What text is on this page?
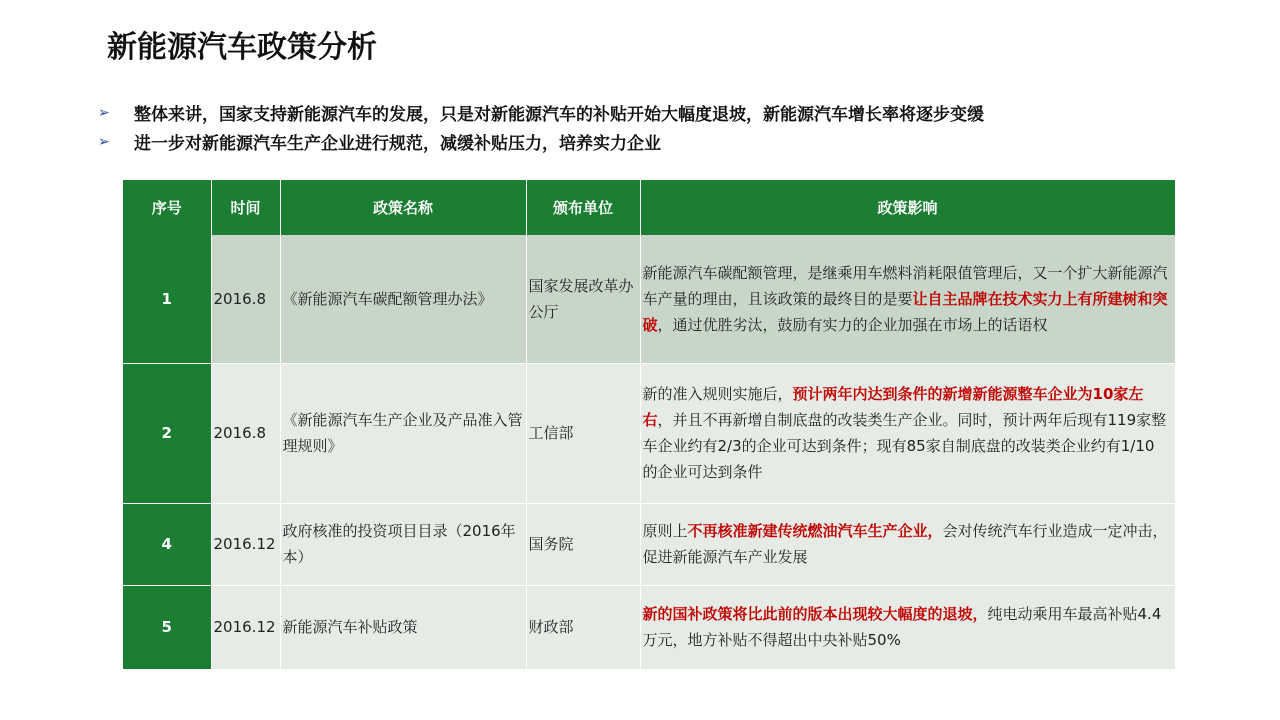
新能源汽车政策分析
➢ 整体来讲，国家支持新能源汽车的发展，只是对新能源汽车的补贴开始大幅度退坡，新能源汽车增长率将逐步变缓
➢ 进一步对新能源汽车生产企业进行规范，减缓补贴压力，培养实力企业
序号	时间	政策名称	颁布单位	政策影响
1	2016.8	《新能源汽车碳配额管理办法》	国家发展改革办公厅	新能源汽车碳配额管理，是继乘用车燃料消耗限值管理后，又一个扩大新能源汽车产量的理由，且该政策的最终目的是要让自主品牌在技术实力上有所建树和突破，通过优胜劣汰，鼓励有实力的企业加强在市场上的话语权
2	2016.8	《新能源汽车生产企业及产品准入管理规则》	工信部	新的准入规则实施后，预计两年内达到条件的新增新能源整车企业为10家左右，并且不再新增自制底盘的改装类生产企业。同时，预计两年后现有119家整车企业约有2/3的企业可达到条件；现有85家自制底盘的改装类企业约有1/10的企业可达到条件
4	2016.12	政府核准的投资项目目录（2016年本）	国务院	原则上不再核准新建传统燃油汽车生产企业，会对传统汽车行业造成一定冲击，促进新能源汽车产业发展
5	2016.12	新能源汽车补贴政策	财政部	新的国补政策将比此前的版本出现较大幅度的退坡，纯电动乘用车最高补贴4.4万元，地方补贴不得超出中央补贴50%
